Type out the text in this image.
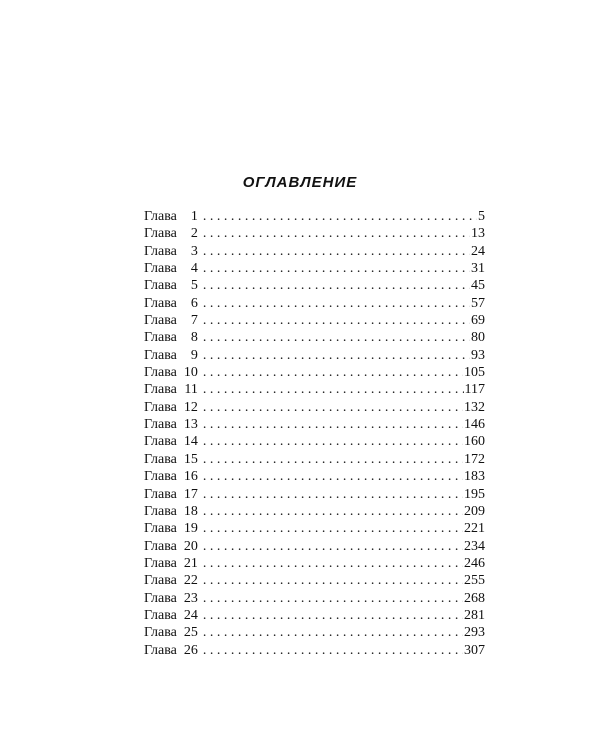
ОГЛАВЛЕНИЕ
Глава	1 . . .	5
Глава	2 . . .	13
Глава	3 . . .	24
Глава	4 . . .	31
Глава	5 . . .	45
Глава	6 . . .	57
Глава	7 . . .	69
Глава	8 . . .	80
Глава	9 . . .	93
Глава 10 . . .	105
Глава 11 . . .	117
Глава 12 . . .	132
Глава 13 . . .	146
Глава 14 . . .	160
Глава 15 . . .	172
Глава 16 . . .	183
Глава 17 . . .	195
Глава 18 . . .	209
Глава 19 . . .	221
Глава 20 . . .	234
Глава 21 . . .	246
Глава 22 . . .	255
Глава 23 . . .	268
Глава 24 . . .	281
Глава 25 . . .	293
Глава 26 . . .	307
